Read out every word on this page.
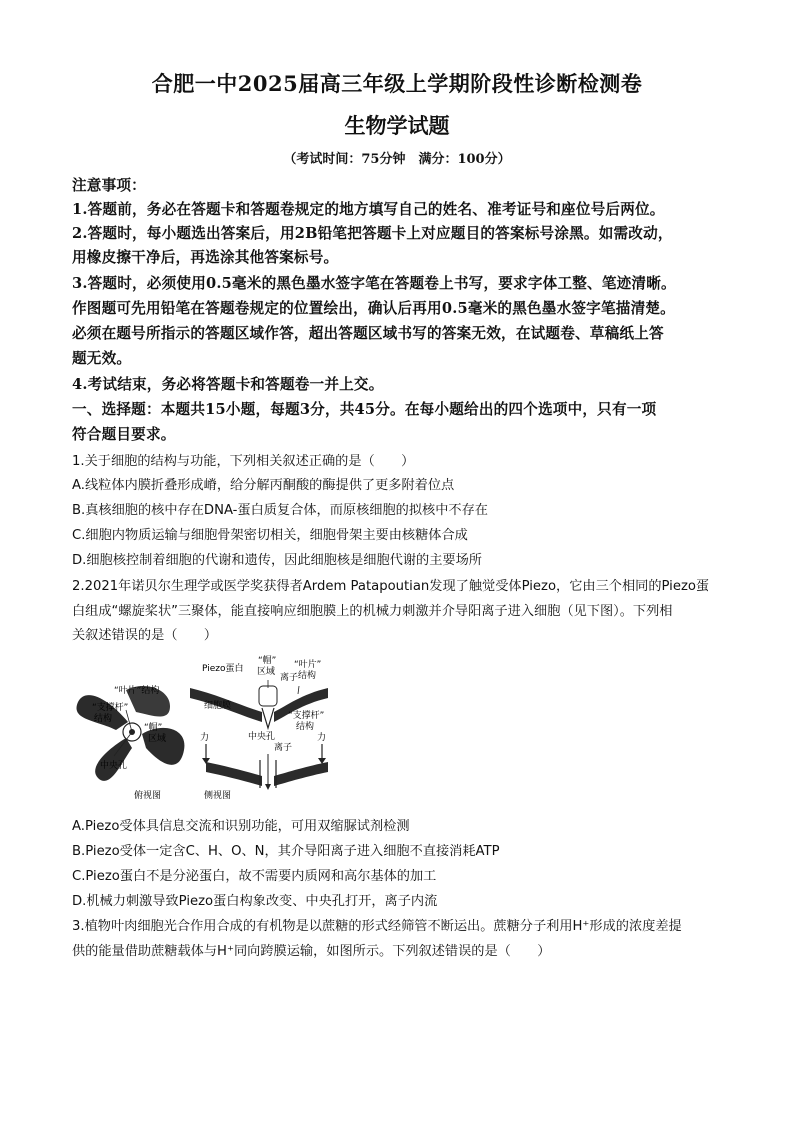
合肥一中2025届高三年级上学期阶段性诊断检测卷
生物学试题
（考试时间：75分钟　满分：100分）
注意事项：
1.答题前，务必在答题卡和答题卷规定的地方填写自己的姓名、准考证号和座位号后两位。
2.答题时，每小题选出答案后，用2B铅笔把答题卡上对应题目的答案标号涂黑。如需改动，
用橡皮擦干净后，再选涂其他答案标号。
3.答题时，必须使用0.5毫米的黑色墨水签字笔在答题卷上书写，要求字体工整、笔迹清晰。
作图题可先用铅笔在答题卷规定的位置绘出，确认后再用0.5毫米的黑色墨水签字笔描清楚。
必须在题号所指示的答题区域作答，超出答题区域书写的答案无效，在试题卷、草稿纸上答
题无效。
4.考试结束，务必将答题卡和答题卷一并上交。
一、选择题：本题共15小题，每题3分，共45分。在每小题给出的四个选项中，只有一项
符合题目要求。
1.关于细胞的结构与功能，下列相关叙述正确的是（　　）
A.线粒体内膜折叠形成嵴，给分解丙酮酸的酶提供了更多附着位点
B.真核细胞的核中存在DNA-蛋白质复合体，而原核细胞的拟核中不存在
C.细胞内物质运输与细胞骨架密切相关，细胞骨架主要由核糖体合成
D.细胞核控制着细胞的代谢和遗传，因此细胞核是细胞代谢的主要场所
2.2021年诺贝尔生理学或医学奖获得者Ardem Patapoutian发现了触觉受体Piezo，它由三个相同的Piezo蛋
白组成“螺旋桨状”三聚体，能直接响应细胞膜上的机械力刺激并介导阳离子进入细胞（见下图）。下列相
关叙述错误的是（　　）
“叶片”结构
“支撑杆”
结构
“帽”
区域
中央孔
俯视图
“帽”
区域
Piezo蛋白	“叶片”
结构
离子
细胞膜
“支撑杆”
结构
中央孔
力
离子
力
侧视图
A.Piezo受体具信息交流和识别功能，可用双缩脲试剂检测
B.Piezo受体一定含C、H、O、N，其介导阳离子进入细胞不直接消耗ATP
C.Piezo蛋白不是分泌蛋白，故不需要内质网和高尔基体的加工
D.机械力刺激导致Piezo蛋白构象改变、中央孔打开，离子内流
3.植物叶肉细胞光合作用合成的有机物是以蔗糖的形式经筛管不断运出。蔗糖分子利用H⁺形成的浓度差提
供的能量借助蔗糖载体与H⁺同向跨膜运输，如图所示。下列叙述错误的是（　　）
